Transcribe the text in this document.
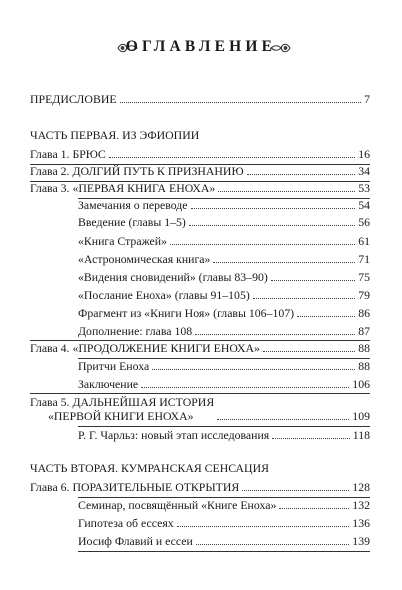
ОГЛАВЛЕНИЕ
ПРЕДИСЛОВИЕ	7
ЧАСТЬ ПЕРВАЯ. ИЗ ЭФИОПИИ
Глава 1. БРЮС	16
Глава 2. ДОЛГИЙ ПУТЬ К ПРИЗНАНИЮ	34
Глава 3. «ПЕРВАЯ КНИГА ЕНОХА»	53
Замечания о переводе	54
Введение (главы 1–5)	56
«Книга Стражей»	61
«Астрономическая книга»	71
«Видения сновидений» (главы 83–90)	75
«Послание Еноха» (главы 91–105)	79
Фрагмент из «Книги Ноя» (главы 106–107)	86
Дополнение: глава 108	87
Глава 4. «ПРОДОЛЖЕНИЕ КНИГИ ЕНОХА»	88
Притчи Еноха	88
Заключение	106
Глава 5. ДАЛЬНЕЙШАЯ ИСТОРИЯ
«ПЕРВОЙ КНИГИ ЕНОХА»	109
Р. Г. Чарльз: новый этап исследования	118
ЧАСТЬ ВТОРАЯ. КУМРАНСКАЯ СЕНСАЦИЯ
Глава 6. ПОРАЗИТЕЛЬНЫЕ ОТКРЫТИЯ	128
Семинар, посвящённый «Книге Еноха»	132
Гипотеза об ессеях	136
Иосиф Флавий и ессеи	139
